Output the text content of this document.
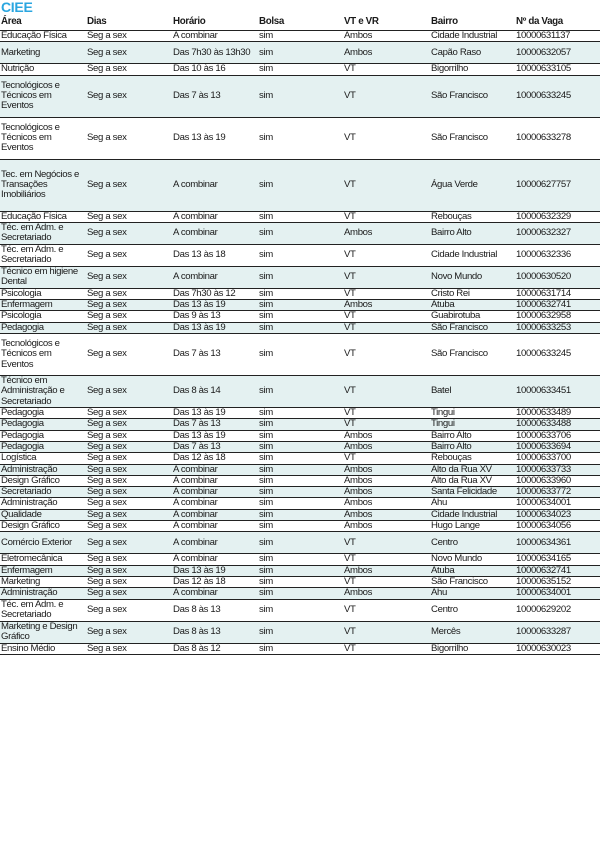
CIEE
Área	Dias	Horário	Bolsa	VT e VR	Bairro	Nº da Vaga
Educação Física	Seg a sex	A combinar	sim	Ambos	Cidade Industrial	10000631137
Marketing	Seg a sex	Das 7h30 às 13h30	sim	Ambos	Capão Raso	10000632057
Nutrição	Seg a sex	Das 10 às 16	sim	VT	Bigorrilho	10000633105
Tecnológicos e Técnicos em Eventos	Seg a sex	Das 7 às 13	sim	VT	São Francisco	10000633245
Tecnológicos e Técnicos em Eventos	Seg a sex	Das 13 às 19	sim	VT	São Francisco	10000633278
Tec. em Negócios e Transações Imobiliários	Seg a sex	A combinar	sim	VT	Água Verde	10000627757
Educação Física	Seg a sex	A combinar	sim	VT	Rebouças	10000632329
Téc. em Adm. e Secretariado	Seg a sex	A combinar	sim	Ambos	Bairro Alto	10000632327
Téc. em Adm. e Secretariado	Seg a sex	Das 13 às 18	sim	VT	Cidade Industrial	10000632336
Técnico em higiene Dental	Seg a sex	A combinar	sim	VT	Novo Mundo	10000630520
Psicologia	Seg a sex	Das 7h30 às 12	sim	VT	Cristo Rei	10000631714
Enfermagem	Seg a sex	Das 13 às 19	sim	Ambos	Atuba	10000632741
Psicologia	Seg a sex	Das 9 às 13	sim	VT	Guabirotuba	10000632958
Pedagogia	Seg a sex	Das 13 às 19	sim	VT	São Francisco	10000633253
Tecnológicos e Técnicos em Eventos	Seg a sex	Das 7 às 13	sim	VT	São Francisco	10000633245
Técnico em Administração e Secretariado	Seg a sex	Das 8 às 14	sim	VT	Batel	10000633451
Pedagogia	Seg a sex	Das 13 às 19	sim	VT	Tingui	10000633489
Pedagogia	Seg a sex	Das 7 às 13	sim	VT	Tingui	10000633488
Pedagogia	Seg a sex	Das 13 às 19	sim	Ambos	Bairro Alto	10000633706
Pedagogia	Seg a sex	Das 7 às 13	sim	Ambos	Bairro Alto	10000633694
Logística	Seg a sex	Das 12 às 18	sim	VT	Rebouças	10000633700
Administração	Seg a sex	A combinar	sim	Ambos	Alto da Rua XV	10000633733
Design Gráfico	Seg a sex	A combinar	sim	Ambos	Alto da Rua XV	10000633960
Secretariado	Seg a sex	A combinar	sim	Ambos	Santa Felicidade	10000633772
Administração	Seg a sex	A combinar	sim	Ambos	Ahu	10000634001
Qualidade	Seg a sex	A combinar	sim	Ambos	Cidade Industrial	10000634023
Design Gráfico	Seg a sex	A combinar	sim	Ambos	Hugo Lange	10000634056
Comércio Exterior	Seg a sex	A combinar	sim	VT	Centro	10000634361
Eletromecânica	Seg a sex	A combinar	sim	VT	Novo Mundo	10000634165
Enfermagem	Seg a sex	Das 13 às 19	sim	Ambos	Atuba	10000632741
Marketing	Seg a sex	Das 12 às 18	sim	VT	São Francisco	10000635152
Administração	Seg a sex	A combinar	sim	Ambos	Ahu	10000634001
Téc. em Adm. e Secretariado	Seg a sex	Das 8 às 13	sim	VT	Centro	10000629202
Marketing e Design Gráfico	Seg a sex	Das 8 às 13	sim	VT	Mercês	10000633287
Ensino Médio	Seg a sex	Das 8 às 12	sim	VT	Bigorrilho	10000630023
